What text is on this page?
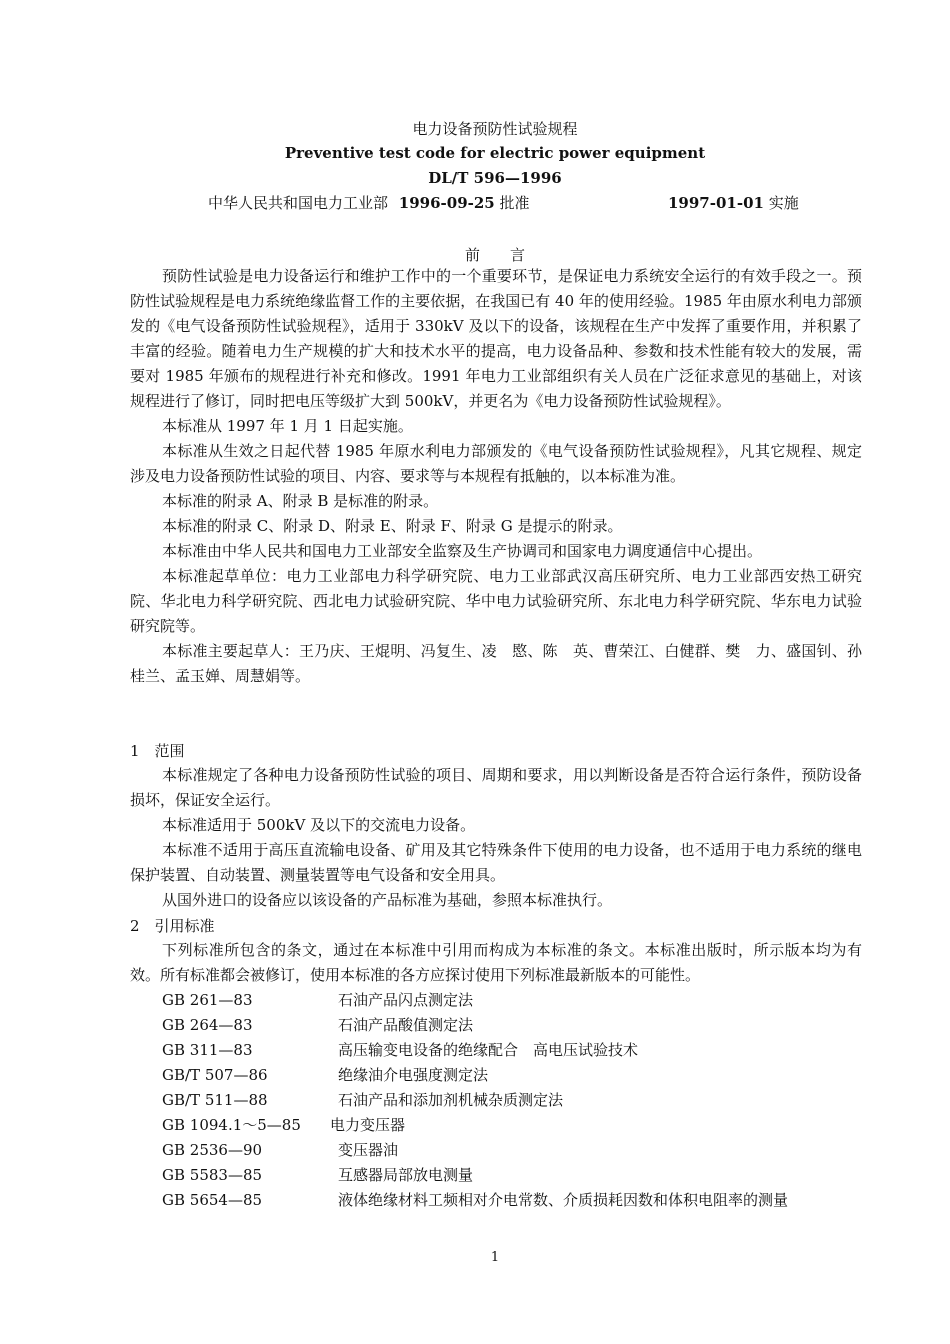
电力设备预防性试验规程
Preventive test code for electric power equipment
DL/T 596—1996
中华人民共和国电力工业部 1996-09-25 批准	1997-01-01 实施
前　　言

预防性试验是电力设备运行和维护工作中的一个重要环节，是保证电力系统安全运行的有效手段之一。预防性试验规程是电力系统绝缘监督工作的主要依据，在我国已有 40 年的使用经验。1985 年由原水利电力部颁发的《电气设备预防性试验规程》，适用于 330kV 及以下的设备，该规程在生产中发挥了重要作用，并积累了丰富的经验。随着电力生产规模的扩大和技术水平的提高，电力设备品种、参数和技术性能有较大的发展，需要对 1985 年颁布的规程进行补充和修改。1991 年电力工业部组织有关人员在广泛征求意见的基础上，对该规程进行了修订，同时把电压等级扩大到 500kV，并更名为《电力设备预防性试验规程》。

本标准从 1997 年 1 月 1 日起实施。

本标准从生效之日起代替 1985 年原水利电力部颁发的《电气设备预防性试验规程》，凡其它规程、规定涉及电力设备预防性试验的项目、内容、要求等与本规程有抵触的，以本标准为准。

本标准的附录 A、附录 B 是标准的附录。

本标准的附录 C、附录 D、附录 E、附录 F、附录 G 是提示的附录。

本标准由中华人民共和国电力工业部安全监察及生产协调司和国家电力调度通信中心提出。

本标准起草单位：电力工业部电力科学研究院、电力工业部武汉高压研究所、电力工业部西安热工研究院、华北电力科学研究院、西北电力试验研究院、华中电力试验研究所、东北电力科学研究院、华东电力试验研究院等。

本标准主要起草人：王乃庆、王焜明、冯复生、凌　愍、陈　英、曹荣江、白健群、樊　力、盛国钊、孙桂兰、孟玉婵、周慧娟等。

1　范围

本标准规定了各种电力设备预防性试验的项目、周期和要求，用以判断设备是否符合运行条件，预防设备损坏，保证安全运行。

本标准适用于 500kV 及以下的交流电力设备。

本标准不适用于高压直流输电设备、矿用及其它特殊条件下使用的电力设备，也不适用于电力系统的继电保护装置、自动装置、测量装置等电气设备和安全用具。

从国外进口的设备应以该设备的产品标准为基础，参照本标准执行。

2　引用标准

下列标准所包含的条文，通过在本标准中引用而构成为本标准的条文。本标准出版时，所示版本均为有效。所有标准都会被修订，使用本标准的各方应探讨使用下列标准最新版本的可能性。

GB 261—83	石油产品闪点测定法
GB 264—83	石油产品酸值测定法
GB 311—83	高压输变电设备的绝缘配合　高电压试验技术
GB/T 507—86	绝缘油介电强度测定法
GB/T 511—88	石油产品和添加剂机械杂质测定法
GB 1094.1～5—85 电力变压器
GB 2536—90	变压器油
GB 5583—85	互感器局部放电测量
GB 5654—85	液体绝缘材料工频相对介电常数、介质损耗因数和体积电阻率的测量
1
